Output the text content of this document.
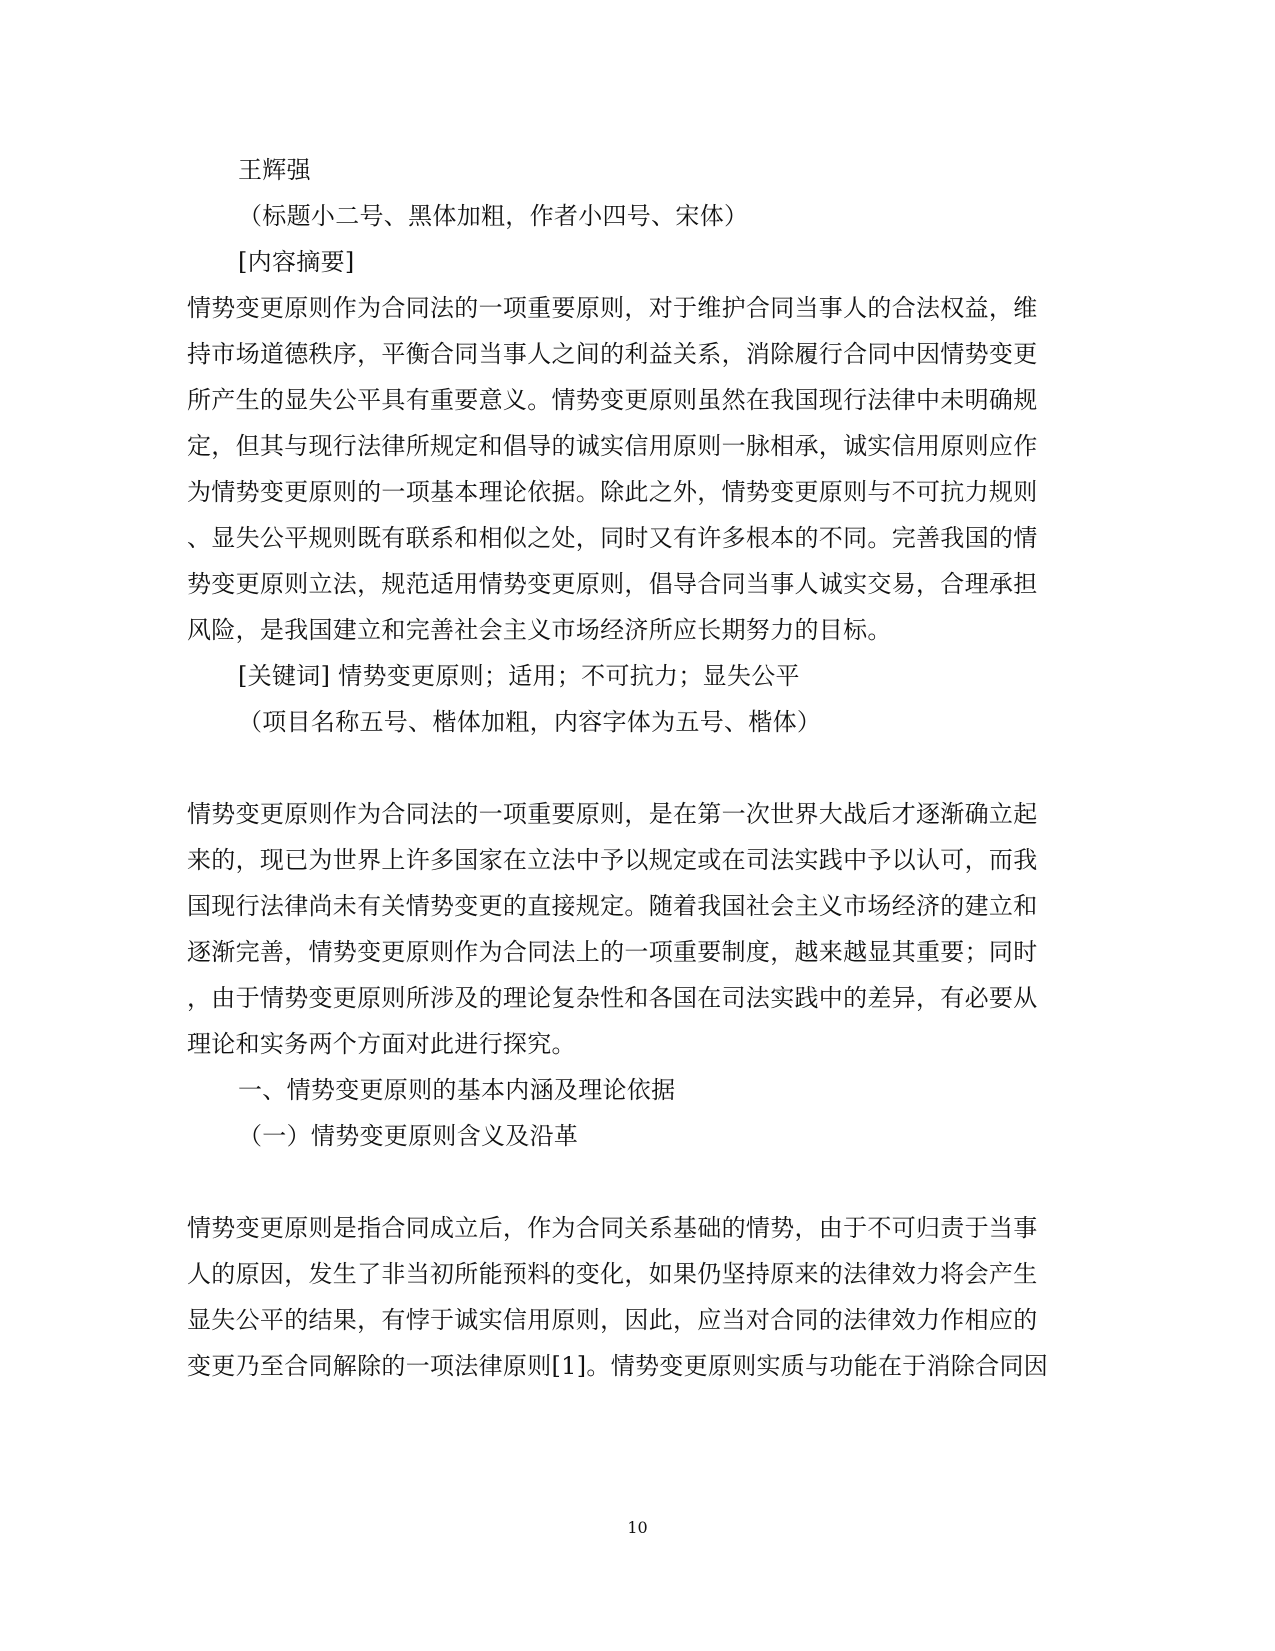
王辉强
（标题小二号、黑体加粗，作者小四号、宋体）
[内容摘要]
情势变更原则作为合同法的一项重要原则，对于维护合同当事人的合法权益，维
持市场道德秩序，平衡合同当事人之间的利益关系，消除履行合同中因情势变更
所产生的显失公平具有重要意义。情势变更原则虽然在我国现行法律中未明确规
定，但其与现行法律所规定和倡导的诚实信用原则一脉相承，诚实信用原则应作
为情势变更原则的一项基本理论依据。除此之外，情势变更原则与不可抗力规则
、显失公平规则既有联系和相似之处，同时又有许多根本的不同。完善我国的情
势变更原则立法，规范适用情势变更原则，倡导合同当事人诚实交易，合理承担
风险，是我国建立和完善社会主义市场经济所应长期努力的目标。
[关键词] 情势变更原则；适用；不可抗力；显失公平
（项目名称五号、楷体加粗，内容字体为五号、楷体）
情势变更原则作为合同法的一项重要原则，是在第一次世界大战后才逐渐确立起
来的，现已为世界上许多国家在立法中予以规定或在司法实践中予以认可，而我
国现行法律尚未有关情势变更的直接规定。随着我国社会主义市场经济的建立和
逐渐完善，情势变更原则作为合同法上的一项重要制度，越来越显其重要；同时
，由于情势变更原则所涉及的理论复杂性和各国在司法实践中的差异，有必要从
理论和实务两个方面对此进行探究。
一、情势变更原则的基本内涵及理论依据
（一）情势变更原则含义及沿革
情势变更原则是指合同成立后，作为合同关系基础的情势，由于不可归责于当事
人的原因，发生了非当初所能预料的变化，如果仍坚持原来的法律效力将会产生
显失公平的结果，有悖于诚实信用原则，因此，应当对合同的法律效力作相应的
变更乃至合同解除的一项法律原则[1]。情势变更原则实质与功能在于消除合同因
10
